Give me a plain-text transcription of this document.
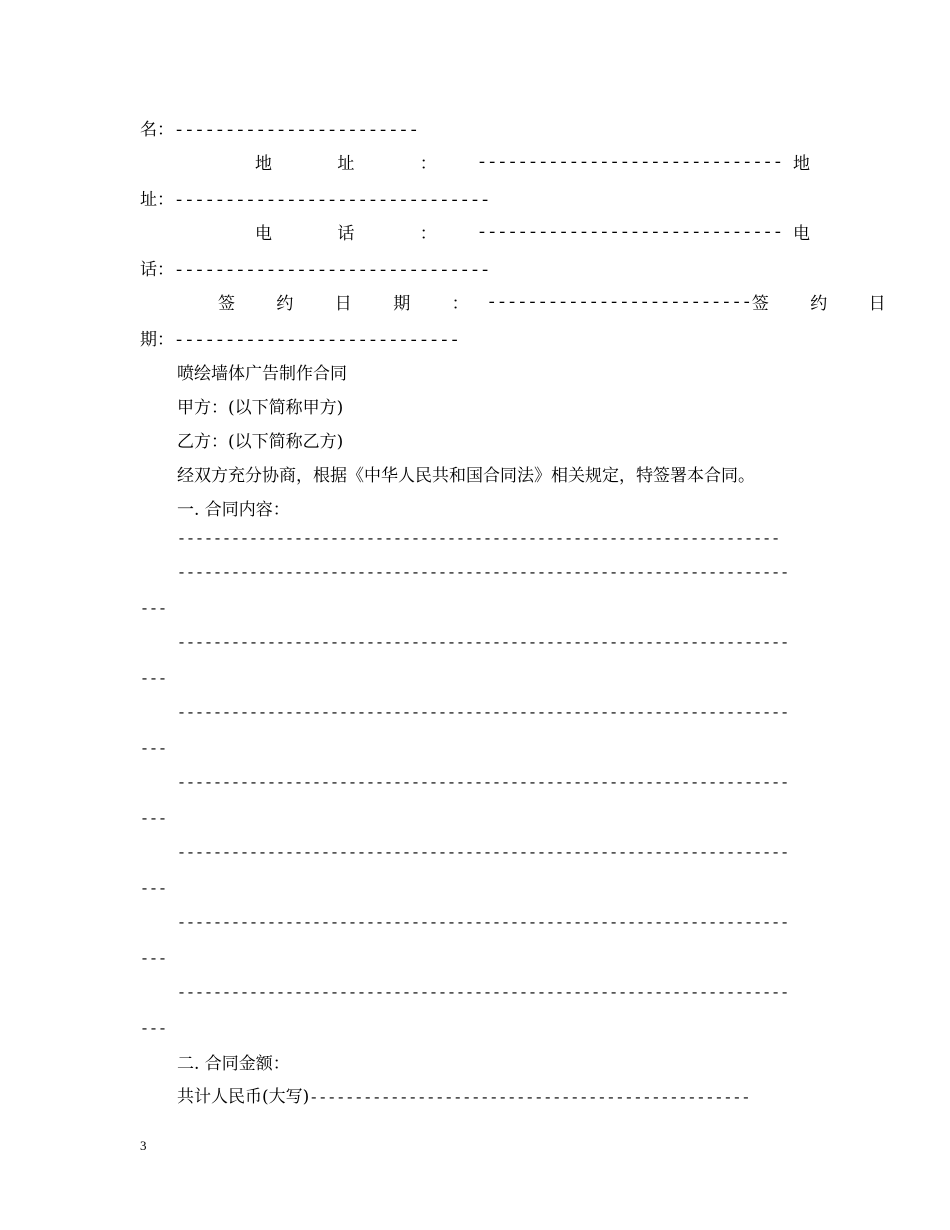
名：------------------------
地 址 ： ------------------------------ 地
址：-------------------------------
电 话 ： ------------------------------ 电
话：-------------------------------
签 约 日 期 ： -------------------------- 签 约 日
期：----------------------------
喷绘墙体广告制作合同
甲方：(以下简称甲方)
乙方：(以下简称乙方)
经双方充分协商，根据《中华人民共和国合同法》相关规定，特签署本合同。
一. 合同内容：
-------------------------------------------------------------------
--------------------------------------------------------------------
---
--------------------------------------------------------------------
---
--------------------------------------------------------------------
---
--------------------------------------------------------------------
---
--------------------------------------------------------------------
---
--------------------------------------------------------------------
---
--------------------------------------------------------------------
---
二. 合同金额：
共计人民币(大写)-------------------------------------------------
3
